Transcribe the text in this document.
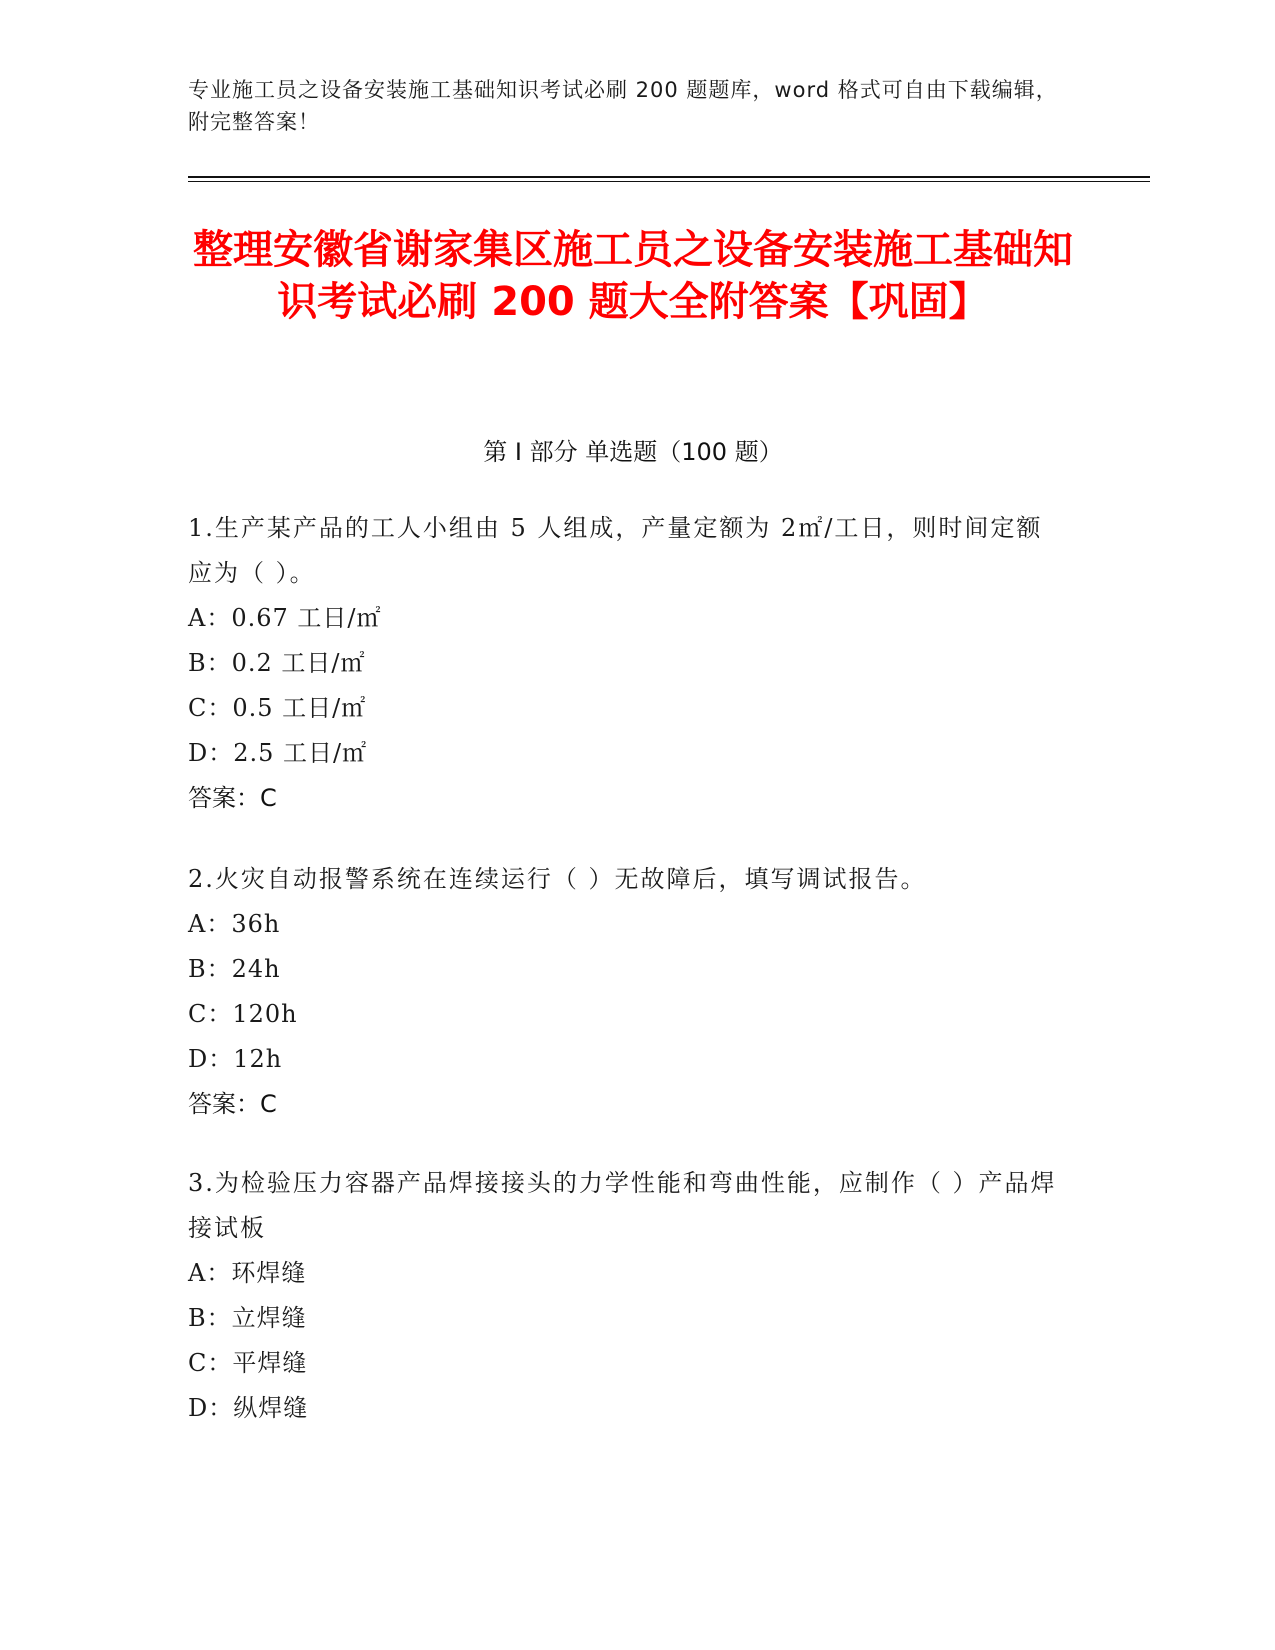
专业施工员之设备安装施工基础知识考试必刷 200 题题库，word 格式可自由下载编辑，附完整答案！
整理安徽省谢家集区施工员之设备安装施工基础知识考试必刷 200 题大全附答案【巩固】
第 I 部分 单选题（100 题）
1.生产某产品的工人小组由 5 人组成，产量定额为 2㎡/工日，则时间定额应为（ ）。
A：0.67 工日/㎡
B：0.2 工日/㎡
C：0.5 工日/㎡
D：2.5 工日/㎡
答案：C
2.火灾自动报警系统在连续运行（ ）无故障后，填写调试报告。
A：36h
B：24h
C：120h
D：12h
答案：C
3.为检验压力容器产品焊接接头的力学性能和弯曲性能，应制作（ ）产品焊接试板
A：环焊缝
B：立焊缝
C：平焊缝
D：纵焊缝
